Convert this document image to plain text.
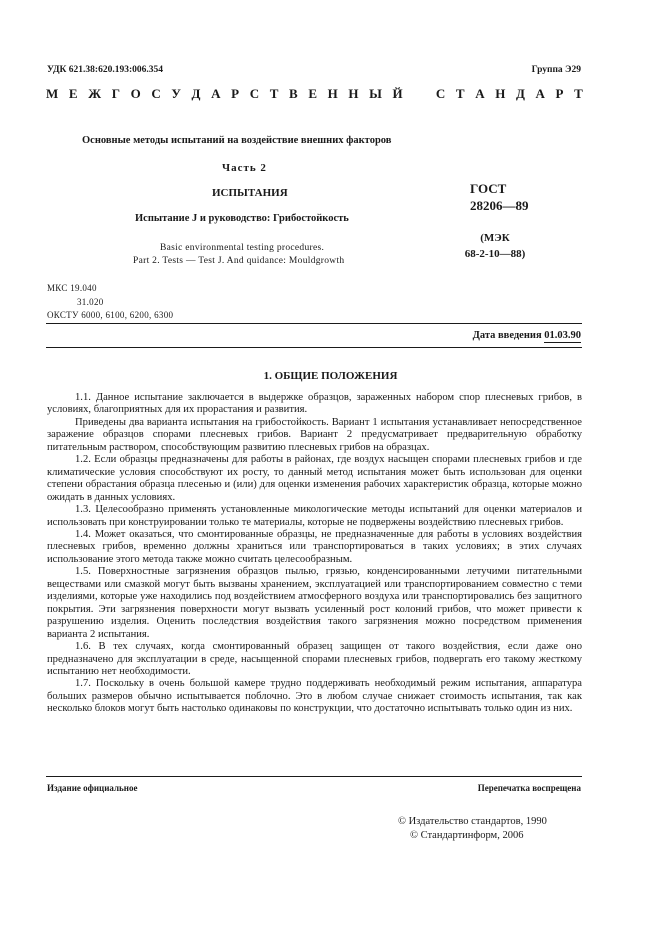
УДК 621.38:620.193:006.354	Группа Э29
М Е Ж Г О С У Д А Р С Т В Е Н Н Ы Й	С Т А Н Д А Р Т
Основные методы испытаний на воздействие внешних факторов
Часть 2
ИСПЫТАНИЯ
Испытание J и руководство: Грибостойкость
Basic environmental testing procedures.
Part 2. Tests — Test J. And quidance: Mouldgrowth
ГОСТ
28206—89
(МЭК
68-2-10—88)
МКС 19.040
31.020
ОКСТУ 6000, 6100, 6200, 6300
Дата введения 01.03.90
1. ОБЩИЕ ПОЛОЖЕНИЯ

1.1. Данное испытание заключается в выдержке образцов, зараженных набором спор плесневых грибов, в условиях, благоприятных для их прорастания и развития.

Приведены два варианта испытания на грибостойкость. Вариант 1 испытания устанавливает непосредственное заражение образцов спорами плесневых грибов. Вариант 2 предусматривает предварительную обработку питательным раствором, способствующим развитию плесневых грибов на образцах.

1.2. Если образцы предназначены для работы в районах, где воздух насыщен спорами плесневых грибов и где климатические условия способствуют их росту, то данный метод испытания может быть использован для оценки степени обрастания образца плесенью и (или) для оценки изменения рабочих характеристик образца, которые можно ожидать в данных условиях.

1.3. Целесообразно применять установленные микологические методы испытаний для оценки материалов и использовать при конструировании только те материалы, которые не подвержены воздействию плесневых грибов.

1.4. Может оказаться, что смонтированные образцы, не предназначенные для работы в условиях воздействия плесневых грибов, временно должны храниться или транспортироваться в таких условиях; в этих случаях использование этого метода также можно считать целесообразным.

1.5. Поверхностные загрязнения образцов пылью, грязью, конденсированными летучими питательными веществами или смазкой могут быть вызваны хранением, эксплуатацией или транспортированием совместно с теми изделиями, которые уже находились под воздействием атмосферного воздуха или транспортировались без защитного покрытия. Эти загрязнения поверхности могут вызвать усиленный рост колоний грибов, что может привести к разрушению изделия. Оценить последствия воздействия такого загрязнения можно посредством применения варианта 2 испытания.

1.6. В тех случаях, когда смонтированный образец защищен от такого воздействия, если даже оно предназначено для эксплуатации в среде, насыщенной спорами плесневых грибов, подвергать его такому жесткому испытанию нет необходимости.

1.7. Поскольку в очень большой камере трудно поддерживать необходимый режим испытания, аппаратура больших размеров обычно испытывается поблочно. Это в любом случае снижает стоимость испытания, так как несколько блоков могут быть настолько одинаковы по конструкции, что достаточно испытывать только один из них.

Издание официальное	Перепечатка воспрещена
© Издательство стандартов, 1990
© Стандартинформ, 2006
